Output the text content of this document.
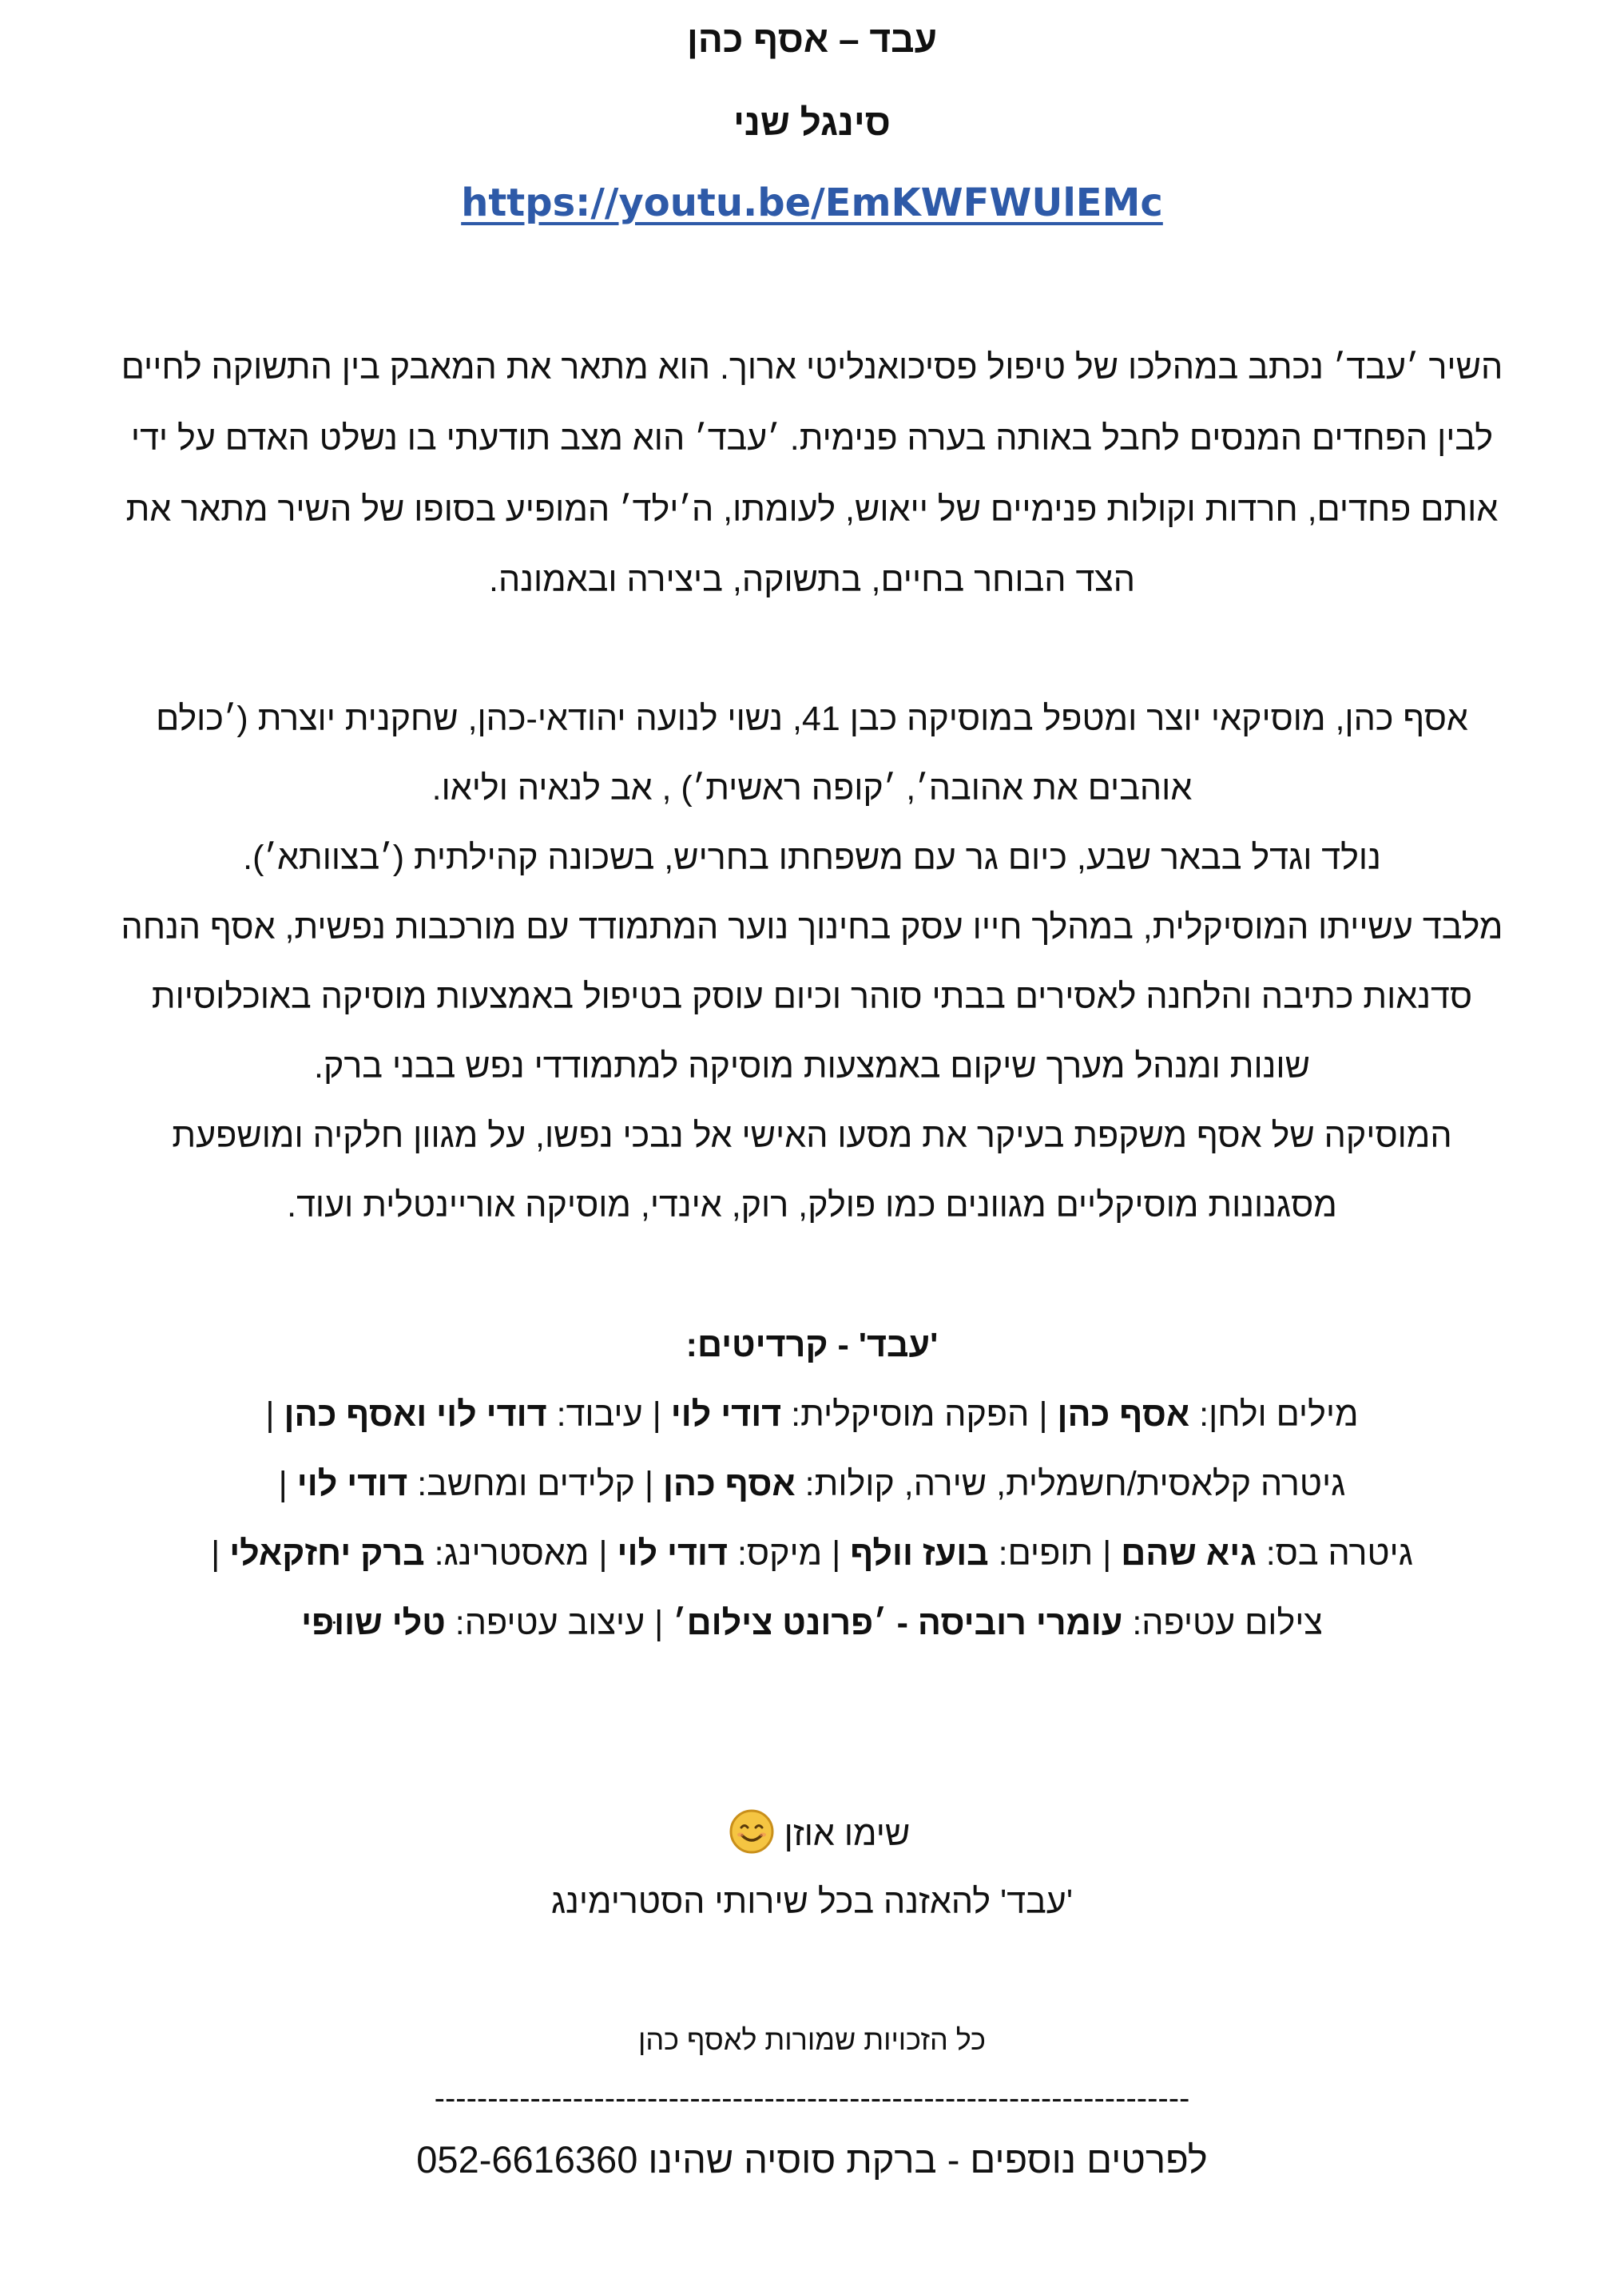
עבד – אסף כהן
סינגל שני
https://youtu.be/EmKWFWUlEMc
השיר ׳עבד׳ נכתב במהלכו של טיפול פסיכואנליטי ארוך. הוא מתאר את המאבק בין התשוקה לחיים
לבין הפחדים המנסים לחבל באותה בערה פנימית. ׳עבד׳ הוא מצב תודעתי בו נשלט האדם על ידי
אותם פחדים, חרדות וקולות פנימיים של ייאוש, לעומתו, ה׳ילד׳ המופיע בסופו של השיר מתאר את
הצד הבוחר בחיים, בתשוקה, ביצירה ובאמונה.
אסף כהן, מוסיקאי יוצר ומטפל במוסיקה כבן 41, נשוי לנועה יהודאי-כהן, שחקנית יוצרת (׳כולם
אוהבים את אהובה׳, ׳קופה ראשית׳) , אב לנאיה וליאו.
נולד וגדל בבאר שבע, כיום גר עם משפחתו בחריש, בשכונה קהילתית (׳בצוותא׳).
מלבד עשייתו המוסיקלית, במהלך חייו עסק בחינוך נוער המתמודד עם מורכבות נפשית, אסף הנחה
סדנאות כתיבה והלחנה לאסירים בבתי סוהר וכיום עוסק בטיפול באמצעות מוסיקה באוכלוסיות
שונות ומנהל מערך שיקום באמצעות מוסיקה למתמודדי נפש בבני ברק.
המוסיקה של אסף משקפת בעיקר את מסעו האישי אל נבכי נפשו, על מגוון חלקיה ומושפעת
מסגנונות מוסיקליים מגוונים כמו פולק, רוק, אינדי, מוסיקה אוריינטלית ועוד.
'עבד' - קרדיטים:
מילים ולחן: אסף כהן | הפקה מוסיקלית: דודי לוי | עיבוד: דודי לוי ואסף כהן |
גיטרה קלאסית/חשמלית, שירה, קולות: אסף כהן | קלידים ומחשב: דודי לוי |
גיטרה בס: גיא שהם | תופים: בועז וולף | מיקס: דודי לוי | מאסטרינג: ברק יחזקאלי |
צילום עטיפה: עומרי רוביסה - ׳פרונט צילום׳ | עיצוב עטיפה: טלי שווּפי
שימו אוזן
'עבד' להאזנה בכל שירותי הסטרימינג
כל הזכויות שמורות לאסף כהן
-----------------------------------------------------------------------
לפרטים נוספים - ברקת סוסיה שהינו 052-6616360
